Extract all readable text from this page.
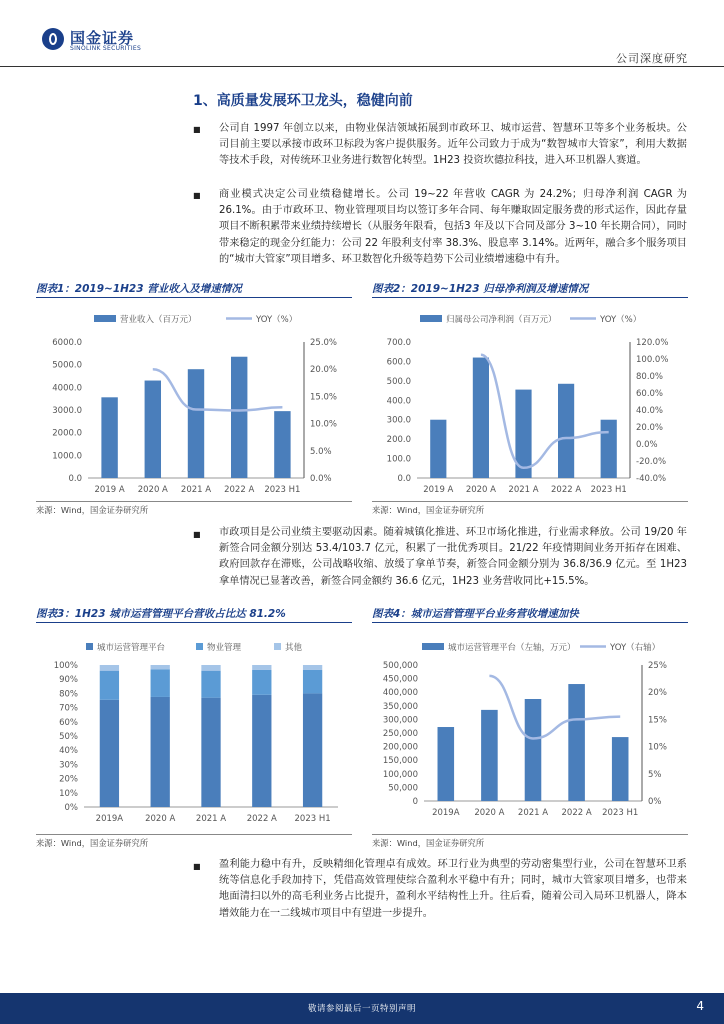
国金证券
SINOLINK SECURITIES
公司深度研究
1、高质量发展环卫龙头，稳健向前
■ 公司自 1997 年创立以来，由物业保洁领域拓展到市政环卫、城市运营、智慧环卫等多个业务板块。公司目前主要以承接市政环卫标段为客户提供服务。近年公司致力于成为“数智城市大管家”，利用大数据等技术手段，对传统环卫业务进行数智化转型。1H23 投资坎德拉科技，进入环卫机器人赛道。

■ 商业模式决定公司业绩稳健增长。公司 19~22 年营收 CAGR 为 24.2%；归母净利润 CAGR 为 26.1%。由于市政环卫、物业管理项目均以签订多年合同、每年赚取固定服务费的形式运作，因此存量项目不断积累带来业绩持续增长（从服务年限看，包括3 年及以下合同及部分 3~10 年长期合同），同时带来稳定的现金分红能力：公司 22 年股利支付率 38.3%、股息率 3.14%。近两年，融合多个服务项目的“城市大管家”项目增多、环卫数智化升级等趋势下公司业绩增速稳中有升。

图表1：2019~1H23 营业收入及增速情况	图表2：2019~1H23 归母净利润及增速情况
营业收入（百万元）	YOY（%）
0.0
1000.0
2000.0
3000.0
4000.0
5000.0
6000.0
0.0%
5.0%
10.0%
15.0%
20.0%
25.0%
2019 A 2020 A 2021 A 2022 A 2023 H1
归属母公司净利润（百万元）	YOY（%）
0.0
100.0
200.0
300.0
400.0
500.0
600.0
700.0
-40.0%
-20.0%
0.0%
20.0%
40.0%
60.0%
80.0%
100.0%
120.0%
2019 A 2020 A 2021 A 2022 A 2023 H1
来源：Wind，国金证券研究所	来源：Wind，国金证券研究所
■ 市政项目是公司业绩主要驱动因素。随着城镇化推进、环卫市场化推进，行业需求释放。公司 19/20 年新签合同金额分别达 53.4/103.7 亿元，积累了一批优秀项目。21/22 年疫情期间业务开拓存在困难、政府回款存在滞账，公司战略收缩、放缓了拿单节奏，新签合同金额分别为 36.8/36.9 亿元。至 1H23 拿单情况已显著改善，新签合同金额约 36.6 亿元，1H23 业务营收同比+15.5%。

图表3：1H23 城市运营管理平台营收占比达 81.2%	图表4：城市运营管理平台业务营收增速加快
城市运营管理平台	物业管理	其他
0%
10%
20%
30%
40%
50%
60%
70%
80%
90%
100%
2019A	2020 A 2021 A 2022 A 2023 H1
城市运营管理平台（左轴，万元）	YOY（右轴）
0
50,000
100,000
150,000
200,000
250,000
300,000
350,000
400,000
450,000
500,000
0%
5%
10%
15%
20%
25%
2019A 2020 A 2021 A 2022 A 2023 H1
来源：Wind，国金证券研究所	来源：Wind，国金证券研究所
■ 盈利能力稳中有升，反映精细化管理卓有成效。环卫行业为典型的劳动密集型行业，公司在智慧环卫系统等信息化手段加持下，凭借高效管理使综合盈利水平稳中有升；同时，城市大管家项目增多，也带来地面清扫以外的高毛利业务占比提升，盈利水平结构性上升。往后看，随着公司入局环卫机器人，降本增效能力在一二线城市项目中有望进一步提升。

敬请参阅最后一页特别声明	4
